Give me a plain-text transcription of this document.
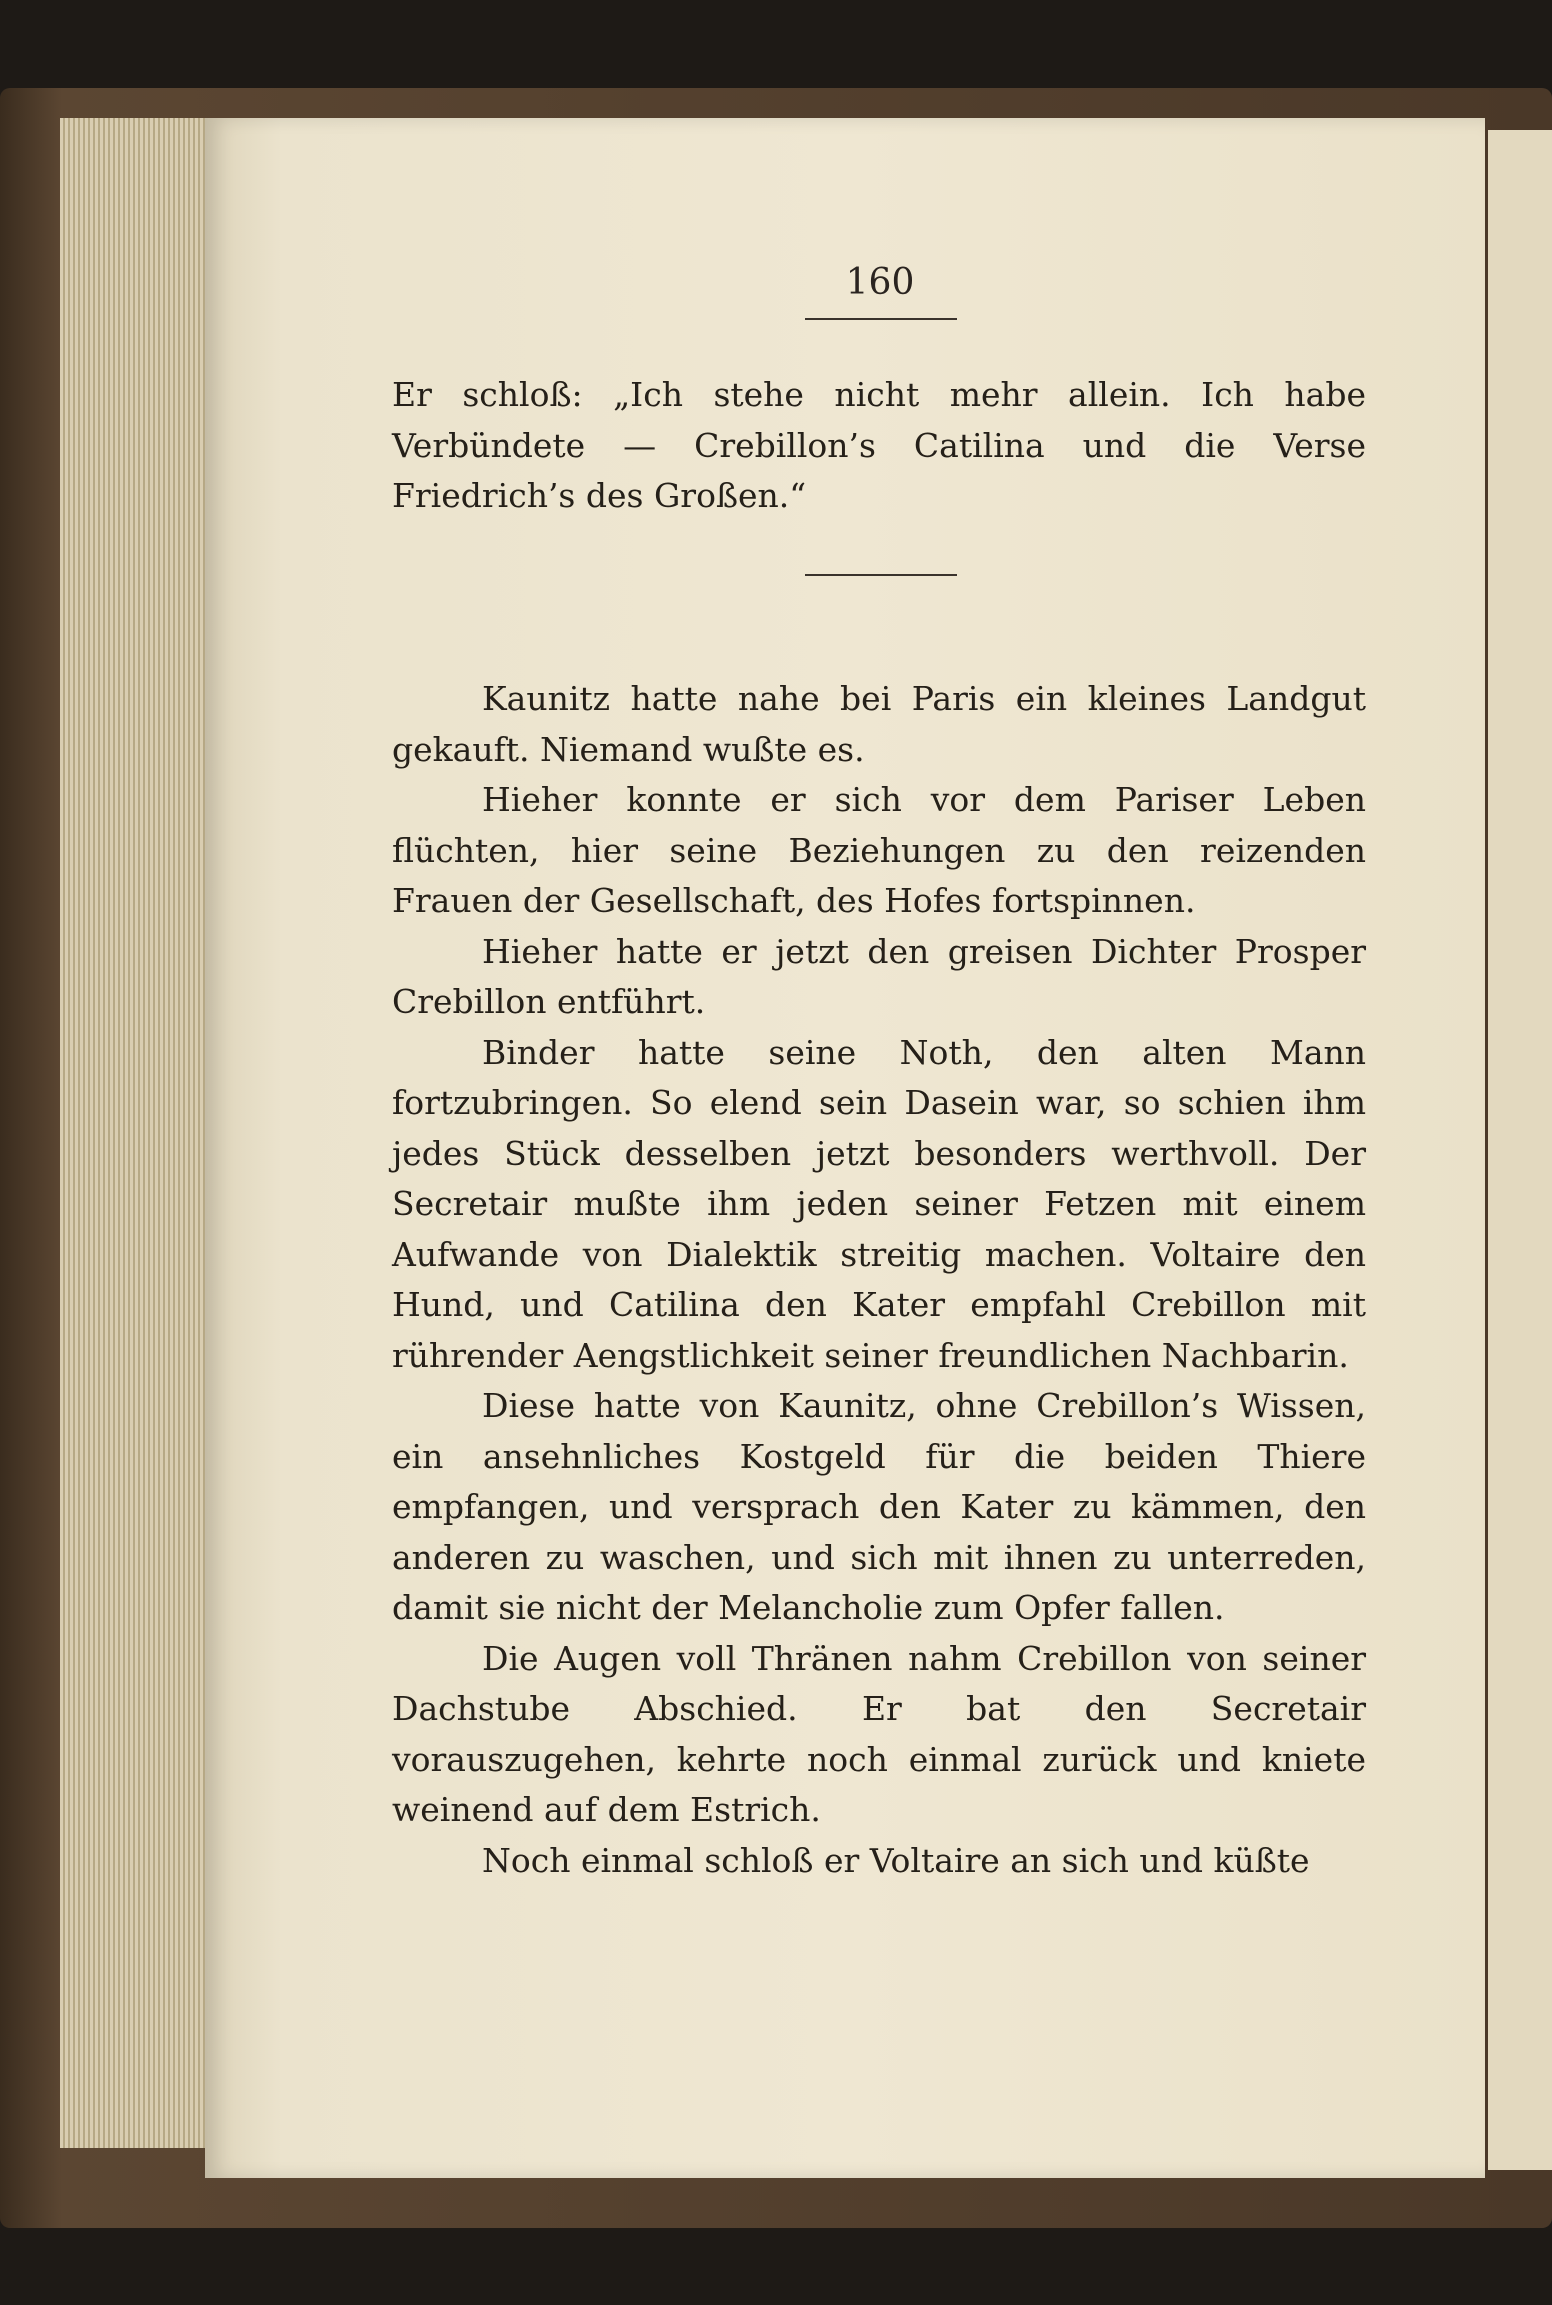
160

Er schloß: „Ich stehe nicht mehr allein. Ich habe Verbündete — Crebillon’s Catilina und die Verse Friedrich’s des Großen.“

Kaunitz hatte nahe bei Paris ein kleines Landgut gekauft. Niemand wußte es.

Hieher konnte er sich vor dem Pariser Leben flüchten, hier seine Beziehungen zu den reizenden Frauen der Gesellschaft, des Hofes fortspinnen.

Hieher hatte er jetzt den greisen Dichter Prosper Crebillon entführt.

Binder hatte seine Noth, den alten Mann fortzubringen. So elend sein Dasein war, so schien ihm jedes Stück desselben jetzt besonders werthvoll. Der Secretair mußte ihm jeden seiner Fetzen mit einem Aufwande von Dialektik streitig machen. Voltaire den Hund, und Catilina den Kater empfahl Crebillon mit rührender Aengstlichkeit seiner freundlichen Nachbarin.

Diese hatte von Kaunitz, ohne Crebillon’s Wissen, ein ansehnliches Kostgeld für die beiden Thiere empfangen, und versprach den Kater zu kämmen, den anderen zu waschen, und sich mit ihnen zu unterreden, damit sie nicht der Melancholie zum Opfer fallen.

Die Augen voll Thränen nahm Crebillon von seiner Dachstube Abschied. Er bat den Secretair vorauszugehen, kehrte noch einmal zurück und kniete weinend auf dem Estrich.

Noch einmal schloß er Voltaire an sich und küßte
